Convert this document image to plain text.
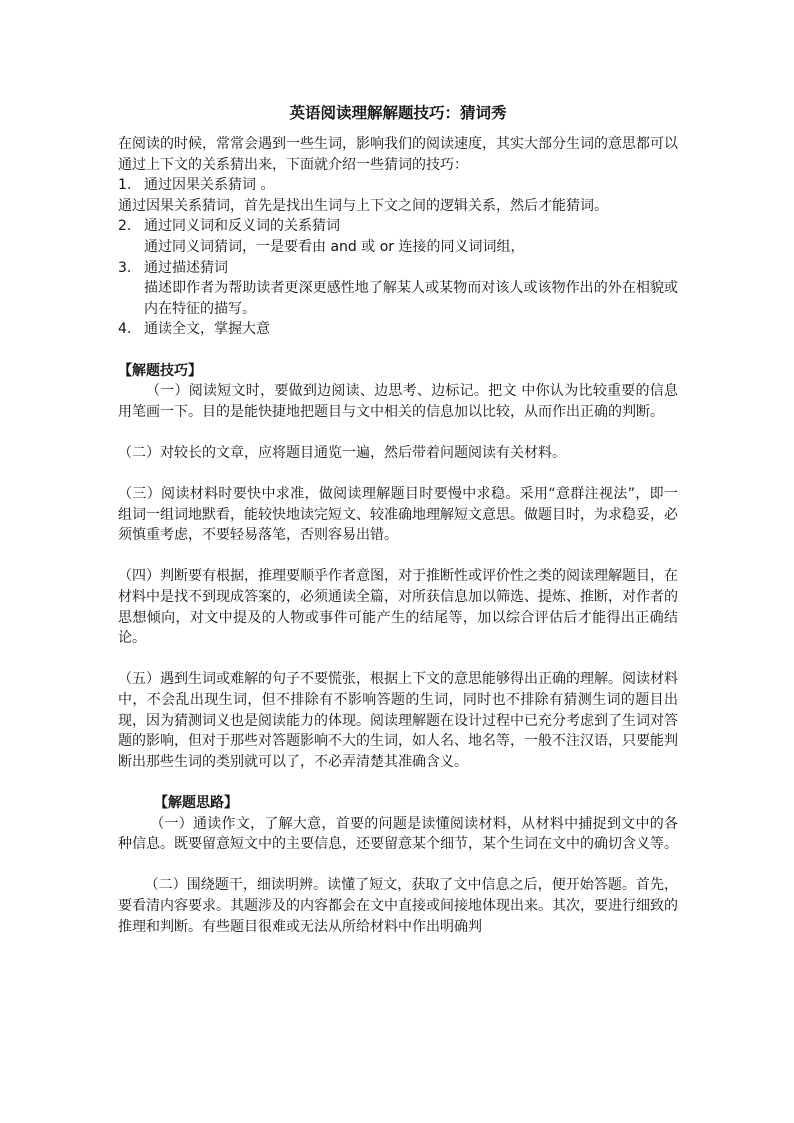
英语阅读理解解题技巧：猜词秀

在阅读的时候，常常会遇到一些生词，影响我们的阅读速度，其实大部分生词的意思都可以通过上下文的关系猜出来，下面就介绍一些猜词的技巧：

1. 通过因果关系猜词 。

通过因果关系猜词，首先是找出生词与上下文之间的逻辑关系，然后才能猜词。

2. 通过同义词和反义词的关系猜词

通过同义词猜词，一是要看由 and 或 or 连接的同义词词组，

3. 通过描述猜词

描述即作者为帮助读者更深更感性地了解某人或某物而对该人或该物作出的外在相貌或内在特征的描写。

4. 通读全文，掌握大意

【解题技巧】

（一）阅读短文时，要做到边阅读、边思考、边标记。把文 中你认为比较重要的信息用笔画一下。目的是能快捷地把题目与文中相关的信息加以比较，从而作出正确的判断。

（二）对较长的文章，应将题目通览一遍，然后带着问题阅读有关材料。

（三）阅读材料时要快中求准，做阅读理解题目时要慢中求稳。采用“意群注视法”，即一组词一组词地默看，能较快地读完短文、较准确地理解短文意思。做题目时，为求稳妥，必须慎重考虑，不要轻易落笔，否则容易出错。

（四）判断要有根据，推理要顺乎作者意图，对于推断性或评价性之类的阅读理解题目，在材料中是找不到现成答案的，必须通读全篇，对所获信息加以筛选、提炼、推断，对作者的思想倾向，对文中提及的人物或事件可能产生的结尾等，加以综合评估后才能得出正确结论。

（五）遇到生词或难解的句子不要慌张，根据上下文的意思能够得出正确的理解。阅读材料中，不会乱出现生词，但不排除有不影响答题的生词，同时也不排除有猜测生词的题目出现，因为猜测词义也是阅读能力的体现。阅读理解题在设计过程中已充分考虑到了生词对答题的影响，但对于那些对答题影响不大的生词，如人名、地名等，一般不注汉语，只要能判断出那些生词的类别就可以了，不必弄清楚其准确含义。

【解题思路】

（一）通读作文，了解大意，首要的问题是读懂阅读材料，从材料中捕捉到文中的各种信息。既要留意短文中的主要信息，还要留意某个细节，某个生词在文中的确切含义等。

（二）围绕题干，细读明辨。读懂了短文，获取了文中信息之后，便开始答题。首先，要看清内容要求。其题涉及的内容都会在文中直接或间接地体现出来。其次，要进行细致的推理和判断。有些题目很难或无法从所给材料中作出明确判
